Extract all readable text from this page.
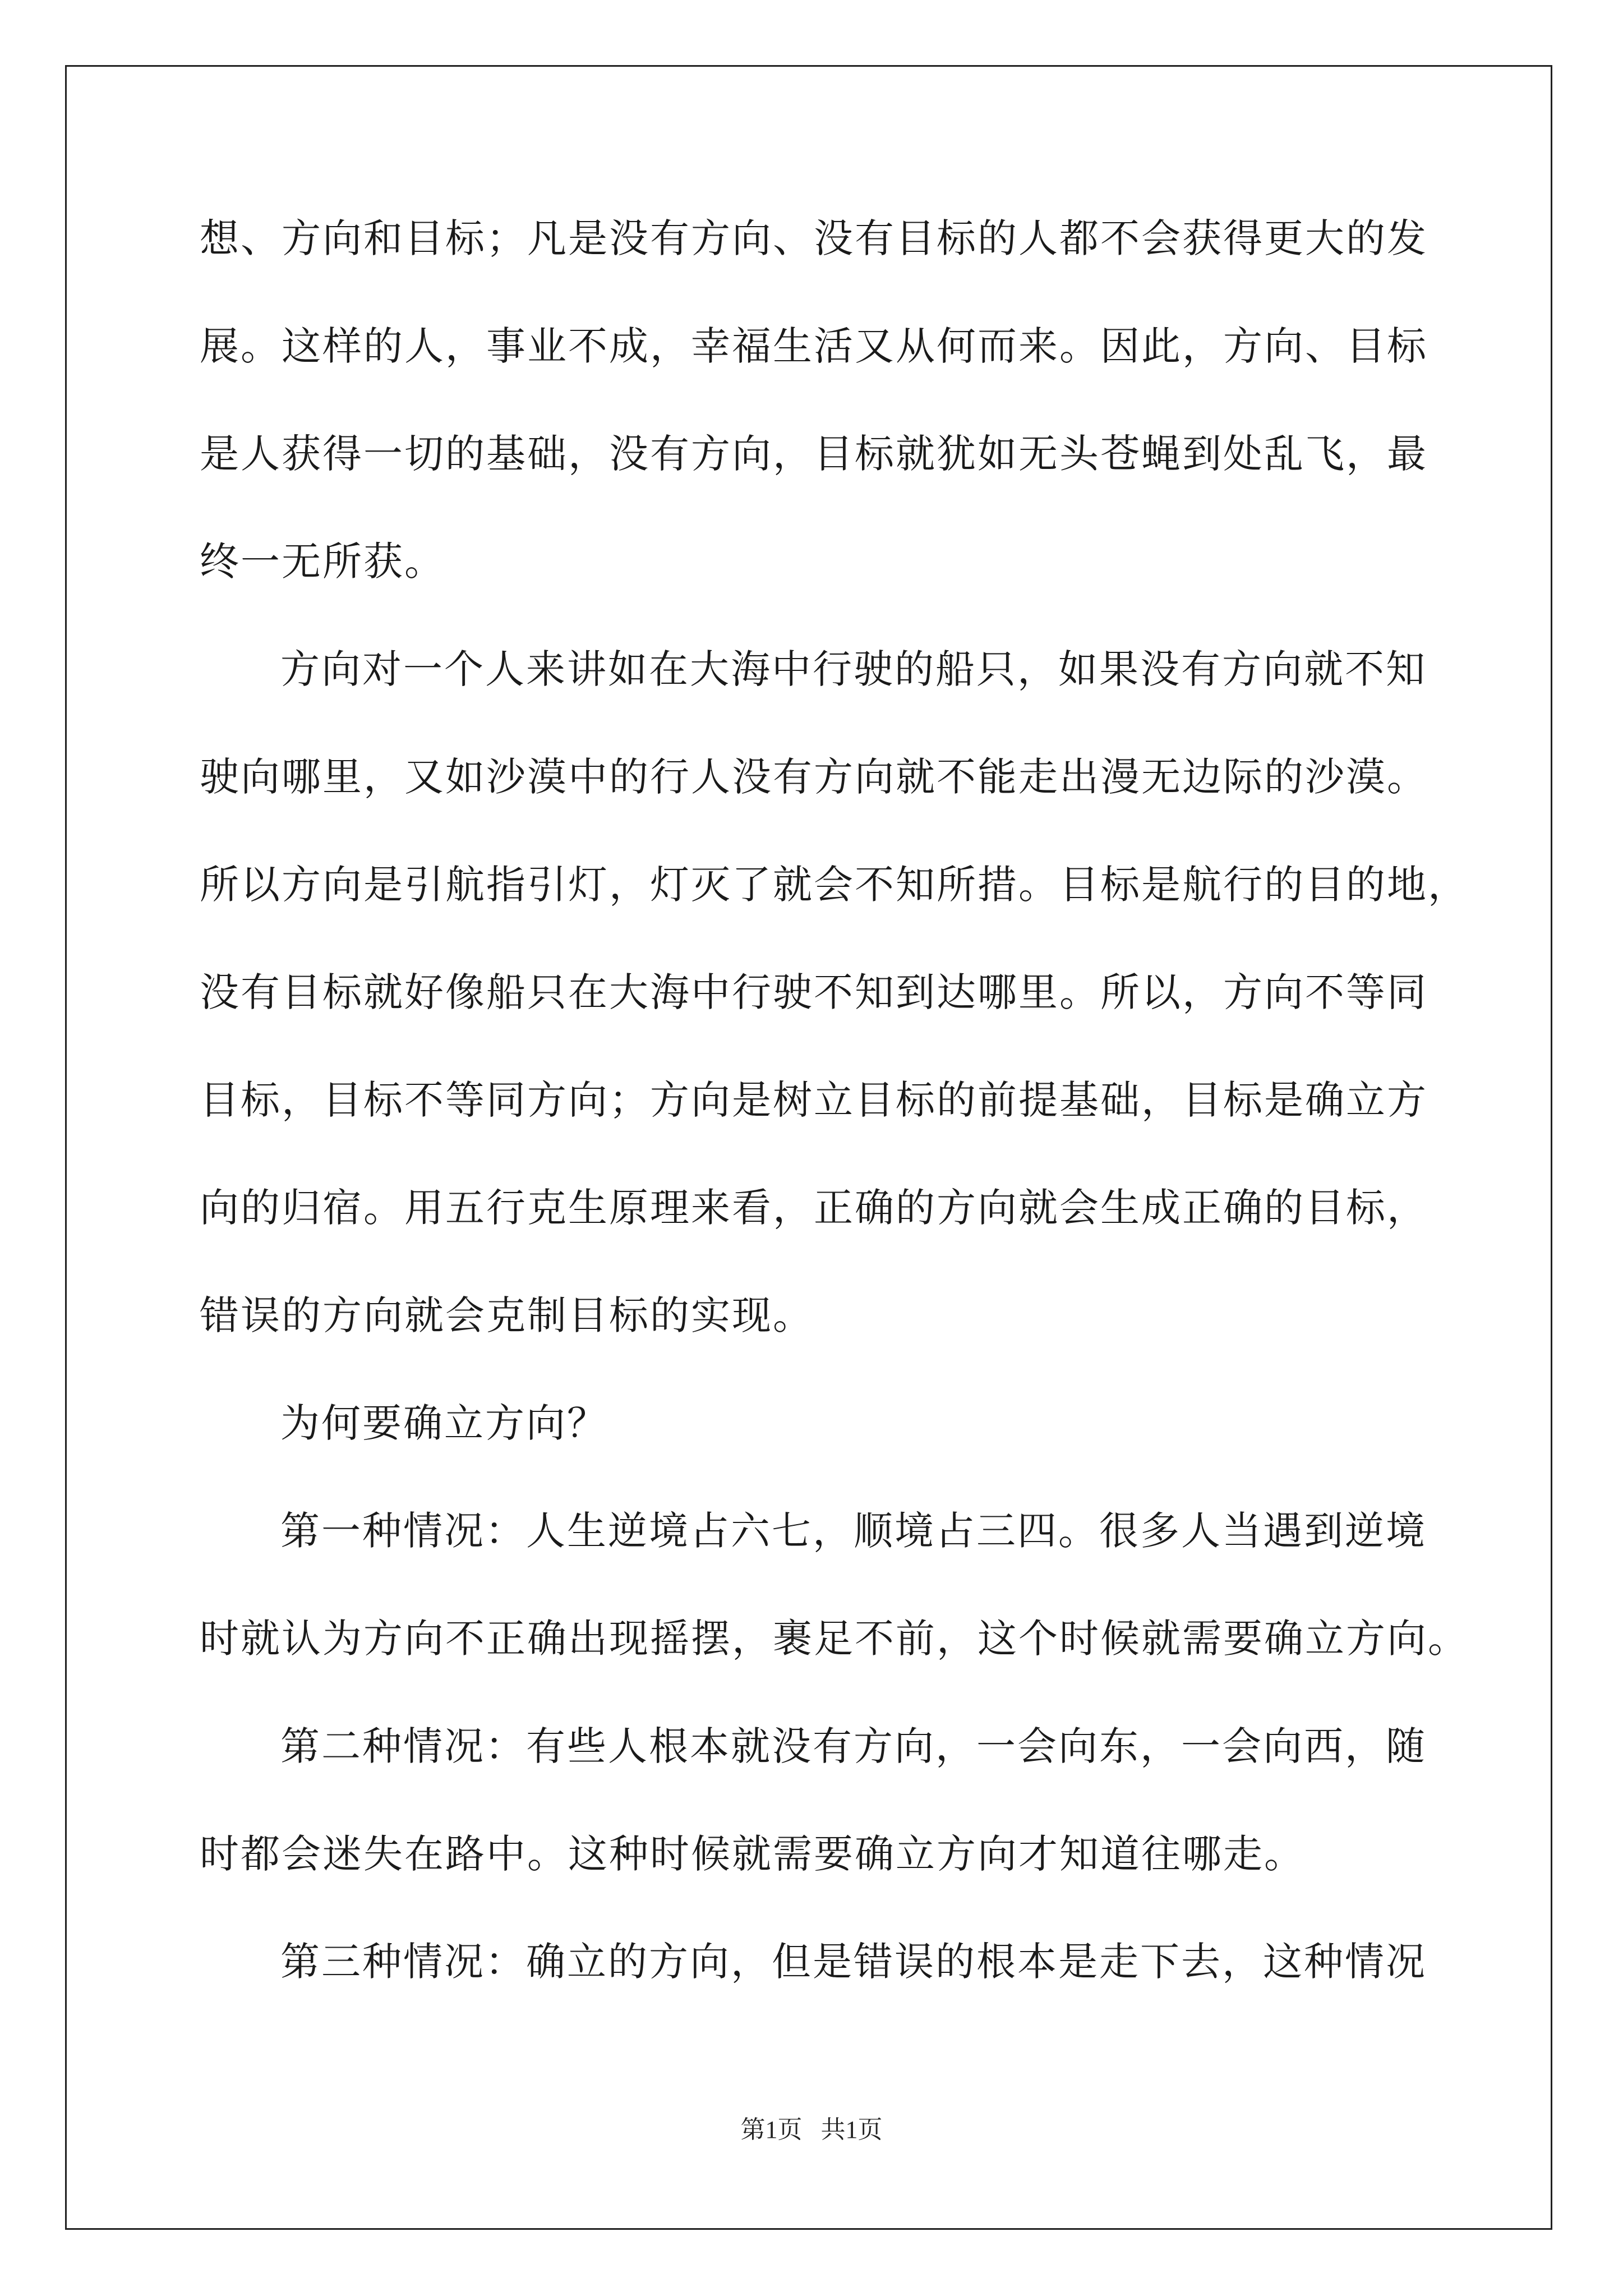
想、方向和目标；凡是没有方向、没有目标的人都不会获得更大的发
展。这样的人，事业不成，幸福生活又从何而来。因此，方向、目标
是人获得一切的基础，没有方向，目标就犹如无头苍蝇到处乱飞，最
终一无所获。
方向对一个人来讲如在大海中行驶的船只，如果没有方向就不知
驶向哪里，又如沙漠中的行人没有方向就不能走出漫无边际的沙漠。
所以方向是引航指引灯，灯灭了就会不知所措。目标是航行的目的地，
没有目标就好像船只在大海中行驶不知到达哪里。所以，方向不等同
目标，目标不等同方向；方向是树立目标的前提基础，目标是确立方
向的归宿。用五行克生原理来看，正确的方向就会生成正确的目标，
错误的方向就会克制目标的实现。
为何要确立方向？
第一种情况：人生逆境占六七，顺境占三四。很多人当遇到逆境
时就认为方向不正确出现摇摆，裹足不前，这个时候就需要确立方向。
第二种情况：有些人根本就没有方向，一会向东，一会向西，随
时都会迷失在路中。这种时候就需要确立方向才知道往哪走。
第三种情况：确立的方向，但是错误的根本是走下去，这种情况
第1页   共1页
